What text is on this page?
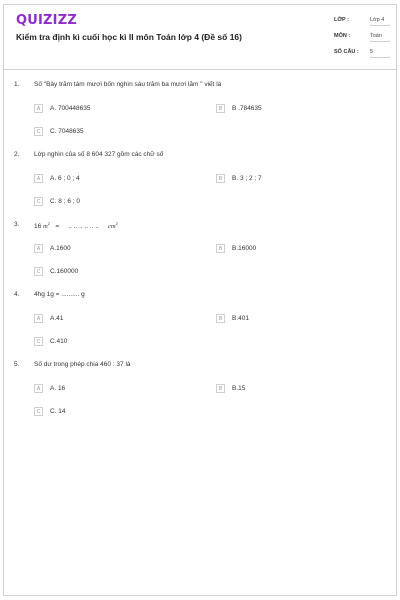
QUIZIZZ
Kiểm tra định kì cuối học kì II môn Toán lớp 4 (Đề số 16)
LỚP :	Lớp 4
MÔN :	Toán
SỐ CÂU : 5
1. Số "Bảy trăm tám mươi bốn nghìn sáu trăm ba mươi lăm " viết là
A	A. 700448635	B	B .784635
C	C. 7048635
2. Lớp nghìn của số 8 604 327 gồm các chữ số
A	A. 6 ; 0 ; 4	B	B. 3 ; 2 ; 7
C	C. 8 ; 6 ; 0
3. 16 $m^2$   =     .. .. .. .. .. ..     $cm^2$
A	A.1600	B	B.16000
C	C.160000
4. 4hg 1g = .......... g
A	A.41	B	B.401
C	C.410
5. Số dư trong phép chia 460 : 37 là
A	A. 16	B	B.15
C	C. 14
